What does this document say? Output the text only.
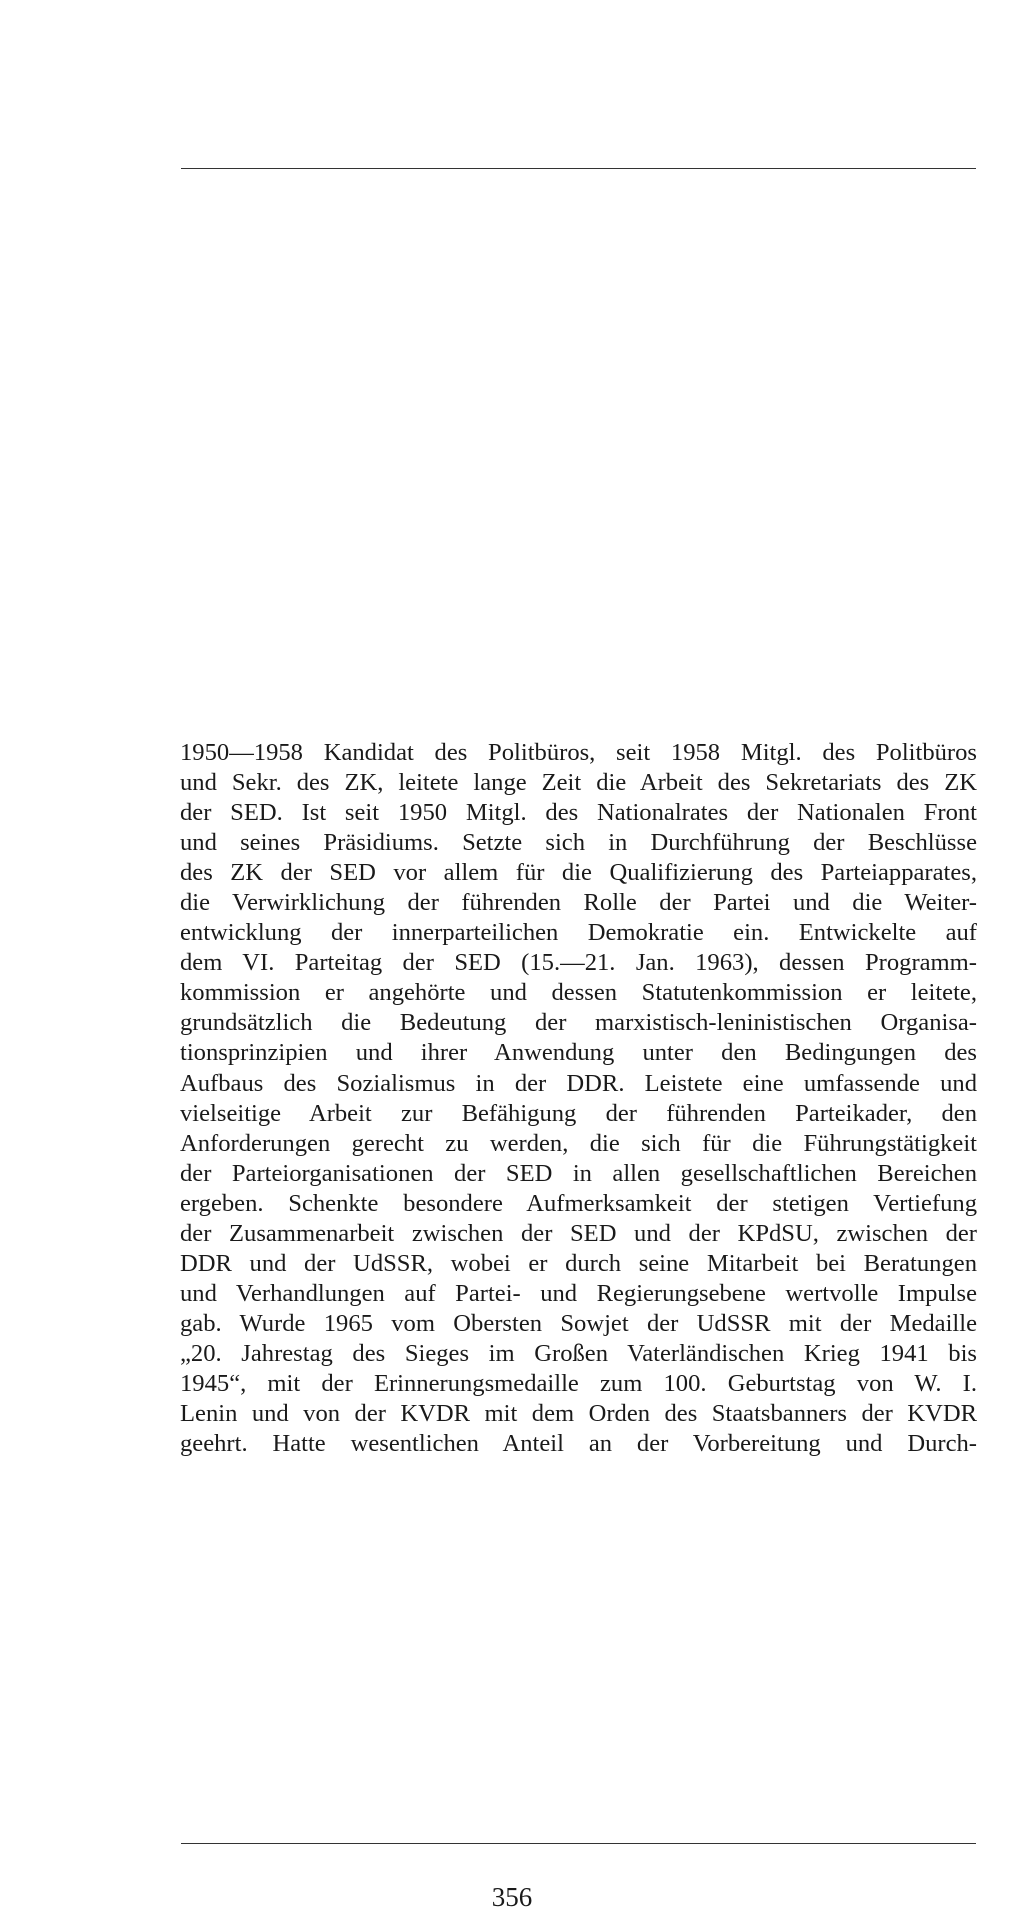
1950—1958 Kandidat des Politbüros, seit 1958 Mitgl. des Politbüros
und Sekr. des ZK, leitete lange Zeit die Arbeit des Sekretariats des ZK
der SED. Ist seit 1950 Mitgl. des Nationalrates der Nationalen Front
und seines Präsidiums. Setzte sich in Durchführung der Beschlüsse
des ZK der SED vor allem für die Qualifizierung des Parteiapparates,
die Verwirklichung der führenden Rolle der Partei und die Weiter-
entwicklung der innerparteilichen Demokratie ein. Entwickelte auf
dem VI. Parteitag der SED (15.—21. Jan. 1963), dessen Programm-
kommission er angehörte und dessen Statutenkommission er leitete,
grundsätzlich die Bedeutung der marxistisch-leninistischen Organisa-
tionsprinzipien und ihrer Anwendung unter den Bedingungen des
Aufbaus des Sozialismus in der DDR. Leistete eine umfassende und
vielseitige Arbeit zur Befähigung der führenden Parteikader, den
Anforderungen gerecht zu werden, die sich für die Führungstätigkeit
der Parteiorganisationen der SED in allen gesellschaftlichen Bereichen
ergeben. Schenkte besondere Aufmerksamkeit der stetigen Vertiefung
der Zusammenarbeit zwischen der SED und der KPdSU, zwischen der
DDR und der UdSSR, wobei er durch seine Mitarbeit bei Beratungen
und Verhandlungen auf Partei- und Regierungsebene wertvolle Impulse
gab. Wurde 1965 vom Obersten Sowjet der UdSSR mit der Medaille
„20. Jahrestag des Sieges im Großen Vaterländischen Krieg 1941 bis
1945“, mit der Erinnerungsmedaille zum 100. Geburtstag von W. I.
Lenin und von der KVDR mit dem Orden des Staatsbanners der KVDR
geehrt. Hatte wesentlichen Anteil an der Vorbereitung und Durch-
356
